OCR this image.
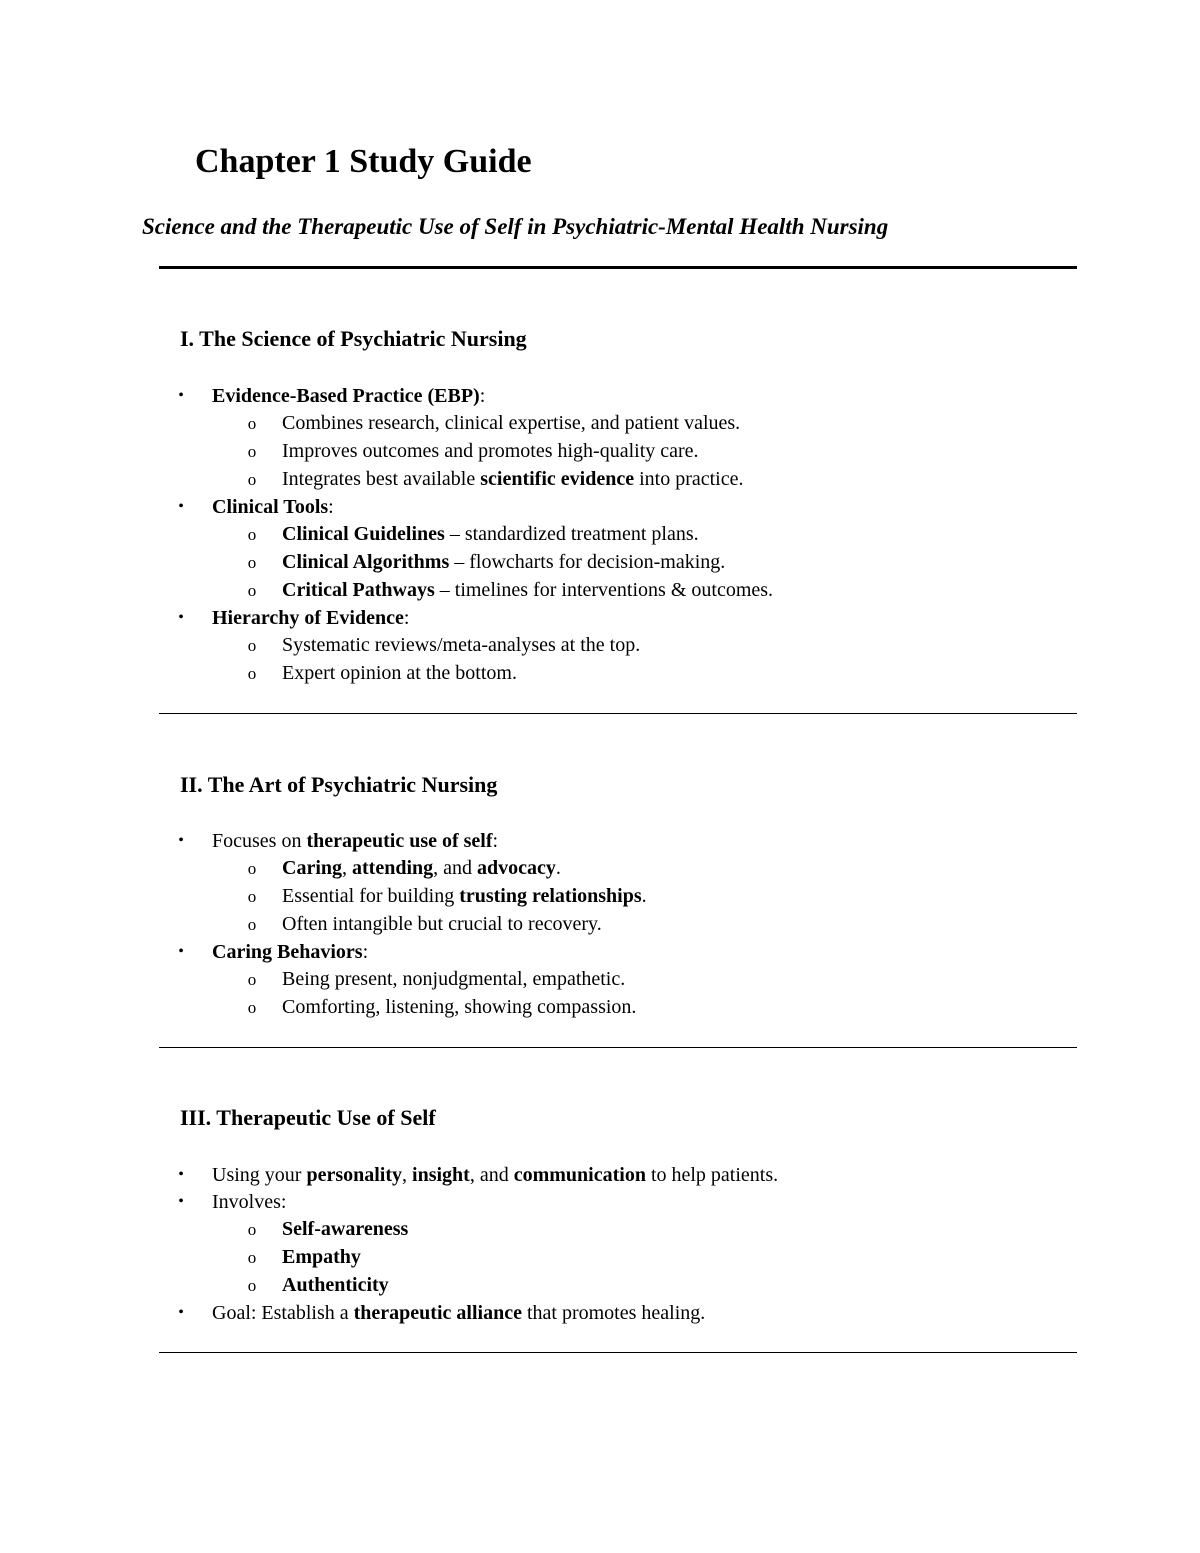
Chapter 1 Study Guide
Science and the Therapeutic Use of Self in Psychiatric-Mental Health Nursing
I. The Science of Psychiatric Nursing
• Evidence-Based Practice (EBP):
o Combines research, clinical expertise, and patient values.
o Improves outcomes and promotes high-quality care.
o Integrates best available scientific evidence into practice.
• Clinical Tools:
o Clinical Guidelines – standardized treatment plans.
o Clinical Algorithms – flowcharts for decision-making.
o Critical Pathways – timelines for interventions & outcomes.
• Hierarchy of Evidence:
o Systematic reviews/meta-analyses at the top.
o Expert opinion at the bottom.
II. The Art of Psychiatric Nursing
• Focuses on therapeutic use of self:
o Caring, attending, and advocacy.
o Essential for building trusting relationships.
o Often intangible but crucial to recovery.
• Caring Behaviors:
o Being present, nonjudgmental, empathetic.
o Comforting, listening, showing compassion.
III. Therapeutic Use of Self
• Using your personality, insight, and communication to help patients.
• Involves:
o Self-awareness
o Empathy
o Authenticity
• Goal: Establish a therapeutic alliance that promotes healing.
